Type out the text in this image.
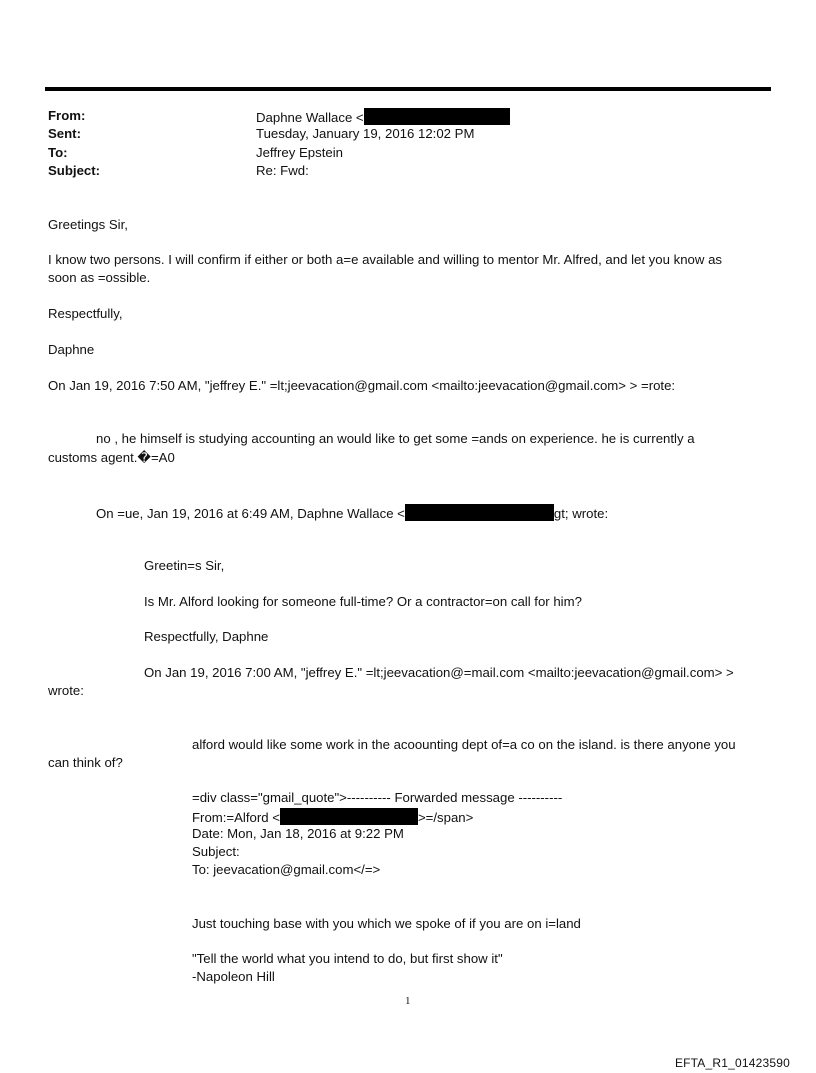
From:	Daphne Wallace <
Sent:	Tuesday, January 19, 2016 12:02 PM
To:	Jeffrey Epstein
Subject:	Re: Fwd:
Greetings Sir,
I know two persons. I will confirm if either or both a=e available and willing to mentor Mr. Alfred, and let you know as
soon as =ossible.
Respectfully,
Daphne
On Jan 19, 2016 7:50 AM, "jeffrey E." =lt;jeevacation@gmail.com <mailto:jeevacation@gmail.com> > =rote:
no , he himself is studying accounting an would like to get some =ands on experience. he is currently a
customs agent.�=A0
On =ue, Jan 19, 2016 at 6:49 AM, Daphne Wallace <	gt; wrote:
Greetin=s Sir,
Is Mr. Alford looking for someone full-time? Or a contractor=on call for him?
Respectfully, Daphne
On Jan 19, 2016 7:00 AM, "jeffrey E." =lt;jeevacation@=mail.com <mailto:jeevacation@gmail.com> >
wrote:
alford would like some work in the acoounting dept of=a co on the island. is there anyone you
can think of?
=div class="gmail_quote">---------- Forwarded message ----------
From:=Alford <	>=/span>
Date: Mon, Jan 18, 2016 at 9:22 PM
Subject:
To: jeevacation@gmail.com</=>
Just touching base with you which we spoke of if you are on i=land
"Tell the world what you intend to do, but first show it"
-Napoleon Hill
1
EFTA_R1_01423590
